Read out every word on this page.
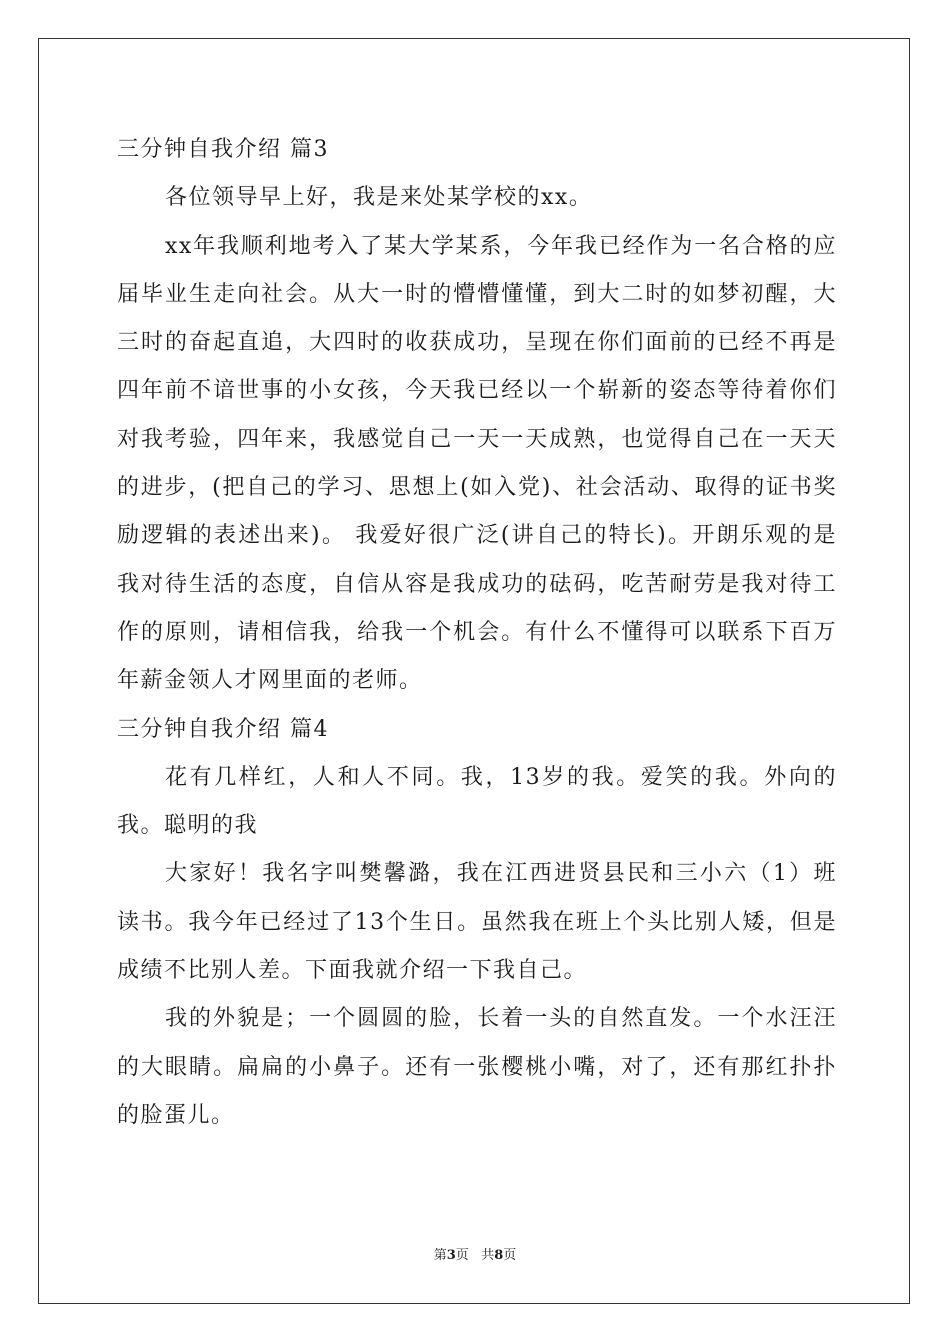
三分钟自我介绍 篇3

各位领导早上好，我是来处某学校的xx。

xx年我顺利地考入了某大学某系，今年我已经作为一名合格的应届毕业生走向社会。从大一时的懵懵懂懂，到大二时的如梦初醒，大三时的奋起直追，大四时的收获成功，呈现在你们面前的已经不再是四年前不谙世事的小女孩，今天我已经以一个崭新的姿态等待着你们对我考验，四年来，我感觉自己一天一天成熟，也觉得自己在一天天的进步，(把自己的学习、思想上(如入党)、社会活动、取得的证书奖励逻辑的表述出来)。 我爱好很广泛(讲自己的特长)。开朗乐观的是我对待生活的态度，自信从容是我成功的砝码，吃苦耐劳是我对待工作的原则，请相信我，给我一个机会。有什么不懂得可以联系下百万年薪金领人才网里面的老师。

三分钟自我介绍 篇4

花有几样红，人和人不同。我，13岁的我。爱笑的我。外向的我。聪明的我

大家好！我名字叫樊馨潞，我在江西进贤县民和三小六（1）班读书。我今年已经过了13个生日。虽然我在班上个头比别人矮，但是成绩不比别人差。下面我就介绍一下我自己。

我的外貌是；一个圆圆的脸，长着一头的自然直发。一个水汪汪的大眼睛。扁扁的小鼻子。还有一张樱桃小嘴，对了，还有那红扑扑的脸蛋儿。

第3页 共8页
